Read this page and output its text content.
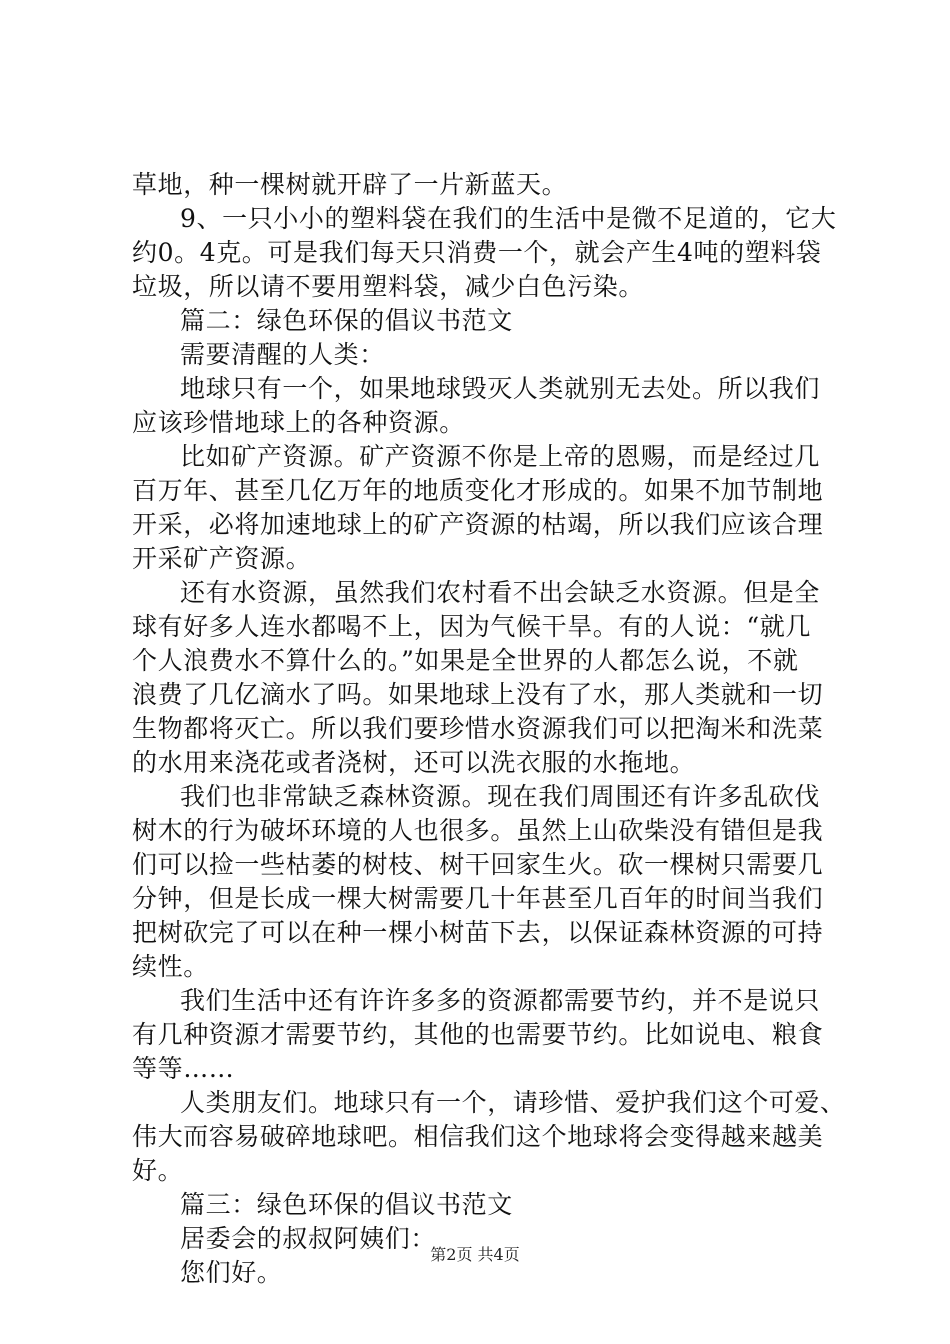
草地，种一棵树就开辟了一片新蓝天。
9、一只小小的塑料袋在我们的生活中是微不足道的，它大
约0。4克。可是我们每天只消费一个，就会产生4吨的塑料袋
垃圾，所以请不要用塑料袋，减少白色污染。
篇二：绿色环保的倡议书范文
需要清醒的人类：
地球只有一个，如果地球毁灭人类就别无去处。所以我们
应该珍惜地球上的各种资源。
比如矿产资源。矿产资源不你是上帝的恩赐，而是经过几
百万年、甚至几亿万年的地质变化才形成的。如果不加节制地
开采，必将加速地球上的矿产资源的枯竭，所以我们应该合理
开采矿产资源。
还有水资源，虽然我们农村看不出会缺乏水资源。但是全
球有好多人连水都喝不上，因为气候干旱。有的人说：“就几
个人浪费水不算什么的。”如果是全世界的人都怎么说，不就
浪费了几亿滴水了吗。如果地球上没有了水，那人类就和一切
生物都将灭亡。所以我们要珍惜水资源我们可以把淘米和洗菜
的水用来浇花或者浇树，还可以洗衣服的水拖地。
我们也非常缺乏森林资源。现在我们周围还有许多乱砍伐
树木的行为破坏环境的人也很多。虽然上山砍柴没有错但是我
们可以捡一些枯萎的树枝、树干回家生火。砍一棵树只需要几
分钟，但是长成一棵大树需要几十年甚至几百年的时间当我们
把树砍完了可以在种一棵小树苗下去，以保证森林资源的可持
续性。
我们生活中还有许许多多的资源都需要节约，并不是说只
有几种资源才需要节约，其他的也需要节约。比如说电、粮食
等等……
人类朋友们。地球只有一个，请珍惜、爱护我们这个可爱、
伟大而容易破碎地球吧。相信我们这个地球将会变得越来越美
好。
篇三：绿色环保的倡议书范文
居委会的叔叔阿姨们：
您们好。
第2页 共4页
